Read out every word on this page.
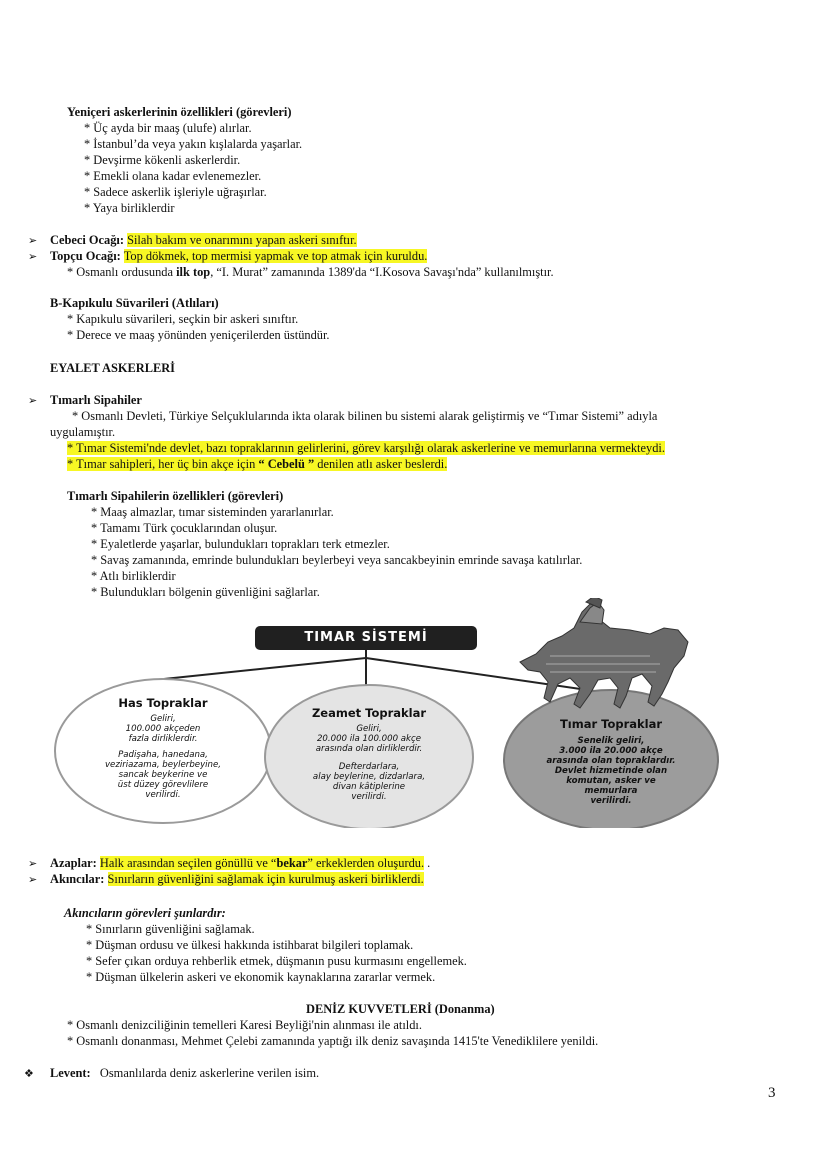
Yeniçeri askerlerinin özellikleri (görevleri)
* Üç ayda bir maaş (ulufe) alırlar.
* İstanbul’da veya yakın kışlalarda yaşarlar.
* Devşirme kökenli askerlerdir.
* Emekli olana kadar evlenemezler.
* Sadece askerlik işleriyle uğraşırlar.
* Yaya birliklerdir
➢ Cebeci Ocağı: Silah bakım ve onarımını yapan askeri sınıftır.
➢ Topçu Ocağı: Top dökmek, top mermisi yapmak ve top atmak için kuruldu.
* Osmanlı ordusunda ilk top, “I. Murat” zamanında 1389'da “I.Kosova Savaşı'nda” kullanılmıştır.
B-Kapıkulu Süvarileri (Atlıları)
* Kapıkulu süvarileri, seçkin bir askeri sınıftır.
* Derece ve maaş yönünden yeniçerilerden üstündür.
EYALET ASKERLERİ
➢ Tımarlı Sipahiler
* Osmanlı Devleti, Türkiye Selçuklularında ikta olarak bilinen bu sistemi alarak geliştirmiş ve “Tımar Sistemi” adıyla
uygulamıştır.
* Tımar Sistemi'nde devlet, bazı topraklarının gelirlerini, görev karşılığı olarak askerlerine ve memurlarına vermekteydi.
* Tımar sahipleri, her üç bin akçe için “ Cebelü ” denilen atlı asker beslerdi.
Tımarlı Sipahilerin özellikleri (görevleri)
* Maaş almazlar, tımar sisteminden yararlanırlar.
* Tamamı Türk çocuklarından oluşur.
* Eyaletlerde yaşarlar, bulundukları toprakları terk etmezler.
* Savaş zamanında, emrinde bulundukları beylerbeyi veya sancakbeyinin emrinde savaşa katılırlar.
* Atlı birliklerdir
* Bulundukları bölgenin güvenliğini sağlarlar.
TIMAR SİSTEMİ
Has Topraklar
Geliri,
100.000 akçeden
fazla dirliklerdir.
Padişaha, hanedana,
veziriazama, beylerbeyine,
sancak beykerine ve
üst düzey görevlilere
verilirdi.
Zeamet Topraklar
Geliri,
20.000 ila 100.000 akçe
arasında olan dirliklerdir.
Defterdarlara,
alay beylerine, dizdarlara,
divan kâtiplerine
verilirdi.
Tımar Topraklar
Senelik geliri,
3.000 ila 20.000 akçe
arasında olan topraklardır.
Devlet hizmetinde olan
komutan, asker ve
memurlara
verilirdi.
➢ Azaplar: Halk arasından seçilen gönüllü ve “bekar” erkeklerden oluşurdu. .
➢ Akıncılar: Sınırların güvenliğini sağlamak için kurulmuş askeri birliklerdi.
Akıncıların görevleri şunlardır:
* Sınırların güvenliğini sağlamak.
* Düşman ordusu ve ülkesi hakkında istihbarat bilgileri toplamak.
* Sefer çıkan orduya rehberlik etmek, düşmanın pusu kurmasını engellemek.
* Düşman ülkelerin askeri ve ekonomik kaynaklarına zararlar vermek.
DENİZ KUVVETLERİ (Donanma)
* Osmanlı denizciliğinin temelleri Karesi Beyliği'nin alınması ile atıldı.
* Osmanlı donanması, Mehmet Çelebi zamanında yaptığı ilk deniz savaşında 1415'te Venediklilere yenildi.
❖ Levent: Osmanlılarda deniz askerlerine verilen isim.
3
